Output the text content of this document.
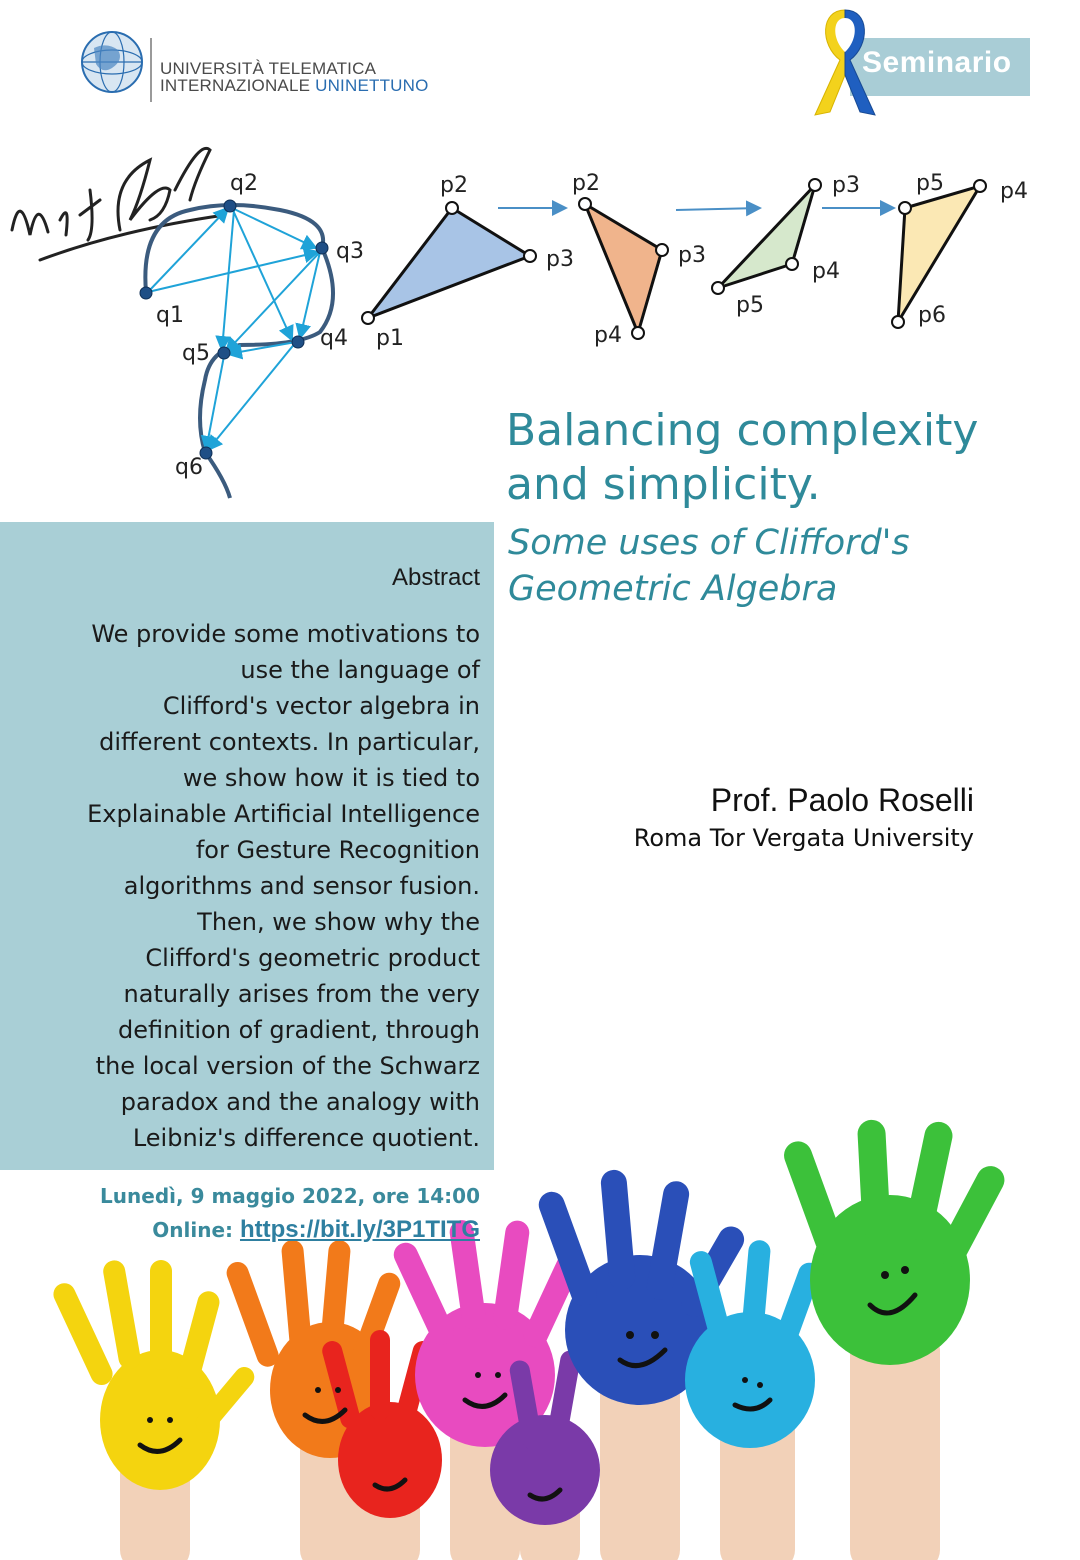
UNIVERSITÀ TELEMATICA
INTERNAZIONALE UNINETTUNO
Seminario
q2
q3
q1
q4
q5
q6
p2
p3
p1
p2
p3
p4
p3
p4
p5
p5	p4
p6
Balancing complexity
and simplicity.
Some uses of Clifford's
Geometric Algebra
Abstract
We provide some motivations to
use the language of
Clifford's vector algebra in
different contexts. In particular,
we show how it is tied to
Explainable Artificial Intelligence
for Gesture Recognition
algorithms and sensor fusion.
Then, we show why the
Clifford's geometric product
naturally arises from the very
definition of gradient, through
the local version of the Schwarz
paradox and the analogy with
Leibniz's difference quotient.
Prof. Paolo Roselli
Roma Tor Vergata University
Lunedì, 9 maggio 2022, ore 14:00
Online: https://bit.ly/3P1TITG
